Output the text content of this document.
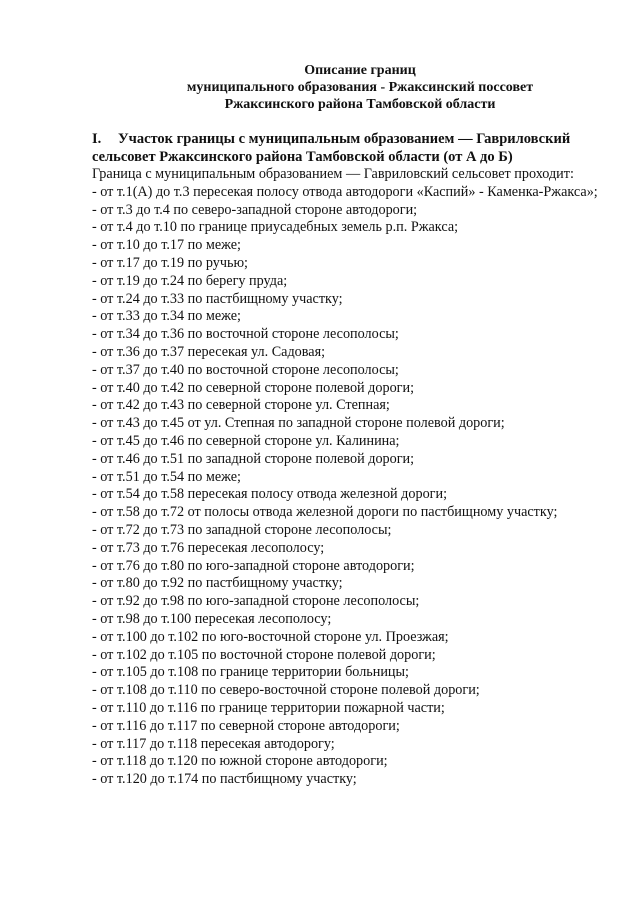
Описание границ
муниципального образования - Ржаксинский поссовет
Ржаксинского района Тамбовской области
I. Участок границы с муниципальным образованием — Гавриловский
сельсовет Ржаксинского района Тамбовской области (от А до Б)
Граница с муниципальным образованием — Гавриловский сельсовет проходит:
- от т.1(А) до т.3 пересекая полосу отвода автодороги «Каспий» - Каменка-Ржакса»;
- от т.3 до т.4 по северо-западной стороне автодороги;
- от т.4 до т.10 по границе приусадебных земель р.п. Ржакса;
- от т.10 до т.17 по меже;
- от т.17 до т.19 по ручью;
- от т.19 до т.24 по берегу пруда;
- от т.24 до т.33 по пастбищному участку;
- от т.33 до т.34 по меже;
- от т.34 до т.36 по восточной стороне лесополосы;
- от т.36 до т.37 пересекая ул. Садовая;
- от т.37 до т.40 по восточной стороне лесополосы;
- от т.40 до т.42 по северной стороне полевой дороги;
- от т.42 до т.43 по северной стороне ул. Степная;
- от т.43 до т.45 от ул. Степная по западной стороне полевой дороги;
- от т.45 до т.46 по северной стороне ул. Калинина;
- от т.46 до т.51 по западной стороне полевой дороги;
- от т.51 до т.54 по меже;
- от т.54 до т.58 пересекая полосу отвода железной дороги;
- от т.58 до т.72 от полосы отвода железной дороги по пастбищному участку;
- от т.72 до т.73 по западной стороне лесополосы;
- от т.73 до т.76 пересекая лесополосу;
- от т.76 до т.80 по юго-западной стороне автодороги;
- от т.80 до т.92 по пастбищному участку;
- от т.92 до т.98 по юго-западной стороне лесополосы;
- от т.98 до т.100 пересекая лесополосу;
- от т.100 до т.102 по юго-восточной стороне ул. Проезжая;
- от т.102 до т.105 по восточной стороне полевой дороги;
- от т.105 до т.108 по границе территории больницы;
- от т.108 до т.110 по северо-восточной стороне полевой дороги;
- от т.110 до т.116 по границе территории пожарной части;
- от т.116 до т.117 по северной стороне автодороги;
- от т.117 до т.118 пересекая автодорогу;
- от т.118 до т.120 по южной стороне автодороги;
- от т.120 до т.174 по пастбищному участку;
